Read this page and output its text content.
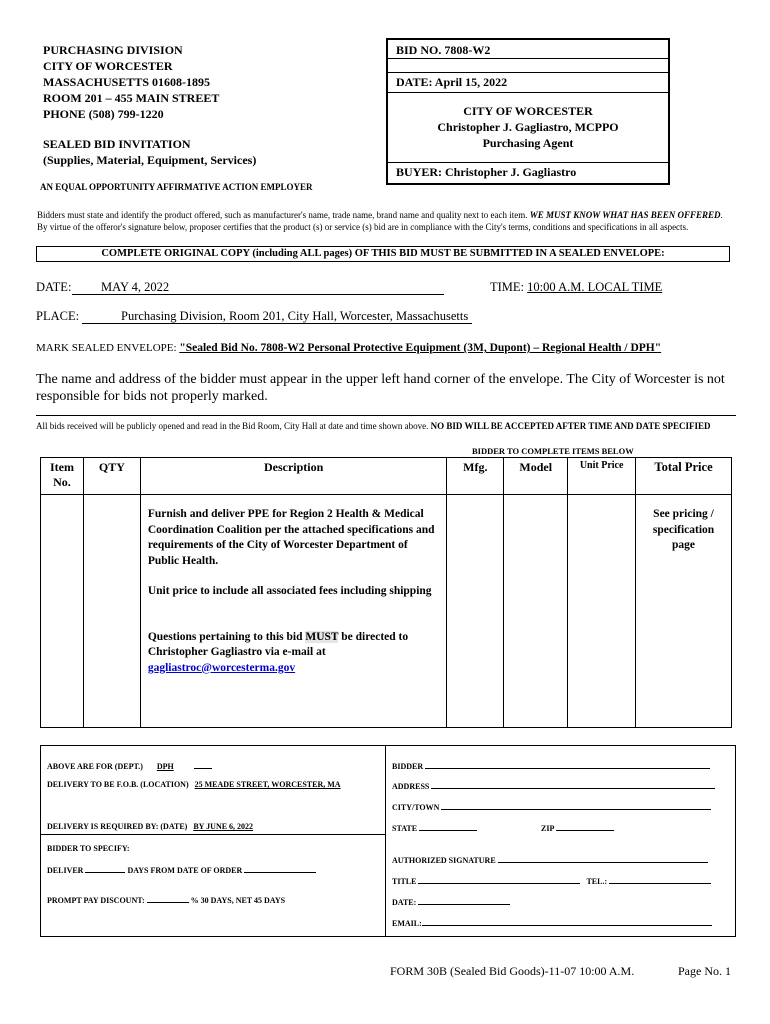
PURCHASING DIVISION
CITY OF WORCESTER
MASSACHUSETTS 01608-1895
ROOM 201 – 455 MAIN STREET
PHONE (508) 799-1220
SEALED BID INVITATION
(Supplies, Material, Equipment, Services)
AN EQUAL OPPORTUNITY AFFIRMATIVE ACTION EMPLOYER
BID NO. 7808-W2
DATE: April 15, 2022
CITY OF WORCESTER
Christopher J. Gagliastro, MCPPO
Purchasing Agent
BUYER: Christopher J. Gagliastro
Bidders must state and identify the product offered, such as manufacturer's name, trade name, brand name and quality next to each item. WE MUST KNOW WHAT HAS BEEN OFFERED. By virtue of the offeror's signature below, proposer certifies that the product (s) or service (s) bid are in compliance with the City's terms, conditions and specifications in all aspects.
COMPLETE ORIGINAL COPY (including ALL pages) OF THIS BID MUST BE SUBMITTED IN A SEALED ENVELOPE:
DATE: MAY 4, 2022	TIME: 10:00 A.M. LOCAL TIME
PLACE:	Purchasing Division, Room 201, City Hall, Worcester, Massachusetts
MARK SEALED ENVELOPE: "Sealed Bid No. 7808-W2 Personal Protective Equipment (3M, Dupont) – Regional Health / DPH"
The name and address of the bidder must appear in the upper left hand corner of the envelope. The City of Worcester is not responsible for bids not properly marked.
All bids received will be publicly opened and read in the Bid Room, City Hall at date and time shown above. NO BID WILL BE ACCEPTED AFTER TIME AND DATE SPECIFIED
BIDDER TO COMPLETE ITEMS BELOW
Item No.	QTY	Description	Mfg.	Model	Unit Price	Total Price

		Furnish and deliver PPE for Region 2 Health & Medical Coordination Coalition per the attached specifications and requirements of the City of Worcester Department of Public Health.
Unit price to include all associated fees including shipping
Questions pertaining to this bid MUST be directed to Christopher Gagliastro via e-mail at
gagliastroc@worcesterma.gov				See pricing / specification page
ABOVE ARE FOR (DEPT.) DPH
DELIVERY TO BE F.O.B. (LOCATION) 25 MEADE STREET, WORCESTER, MA
DELIVERY IS REQUIRED BY: (DATE) BY JUNE 6, 2022
BIDDER TO SPECIFY:
DELIVER	DAYS FROM DATE OF ORDER
PROMPT PAY DISCOUNT:	% 30 DAYS, NET 45 DAYS
BIDDER
ADDRESS
CITY/TOWN
STATE	ZIP
AUTHORIZED SIGNATURE
TITLE	TEL.:
DATE:
EMAIL:
FORM 30B (Sealed Bid Goods)-11-07 10:00 A.M.	Page No. 1
